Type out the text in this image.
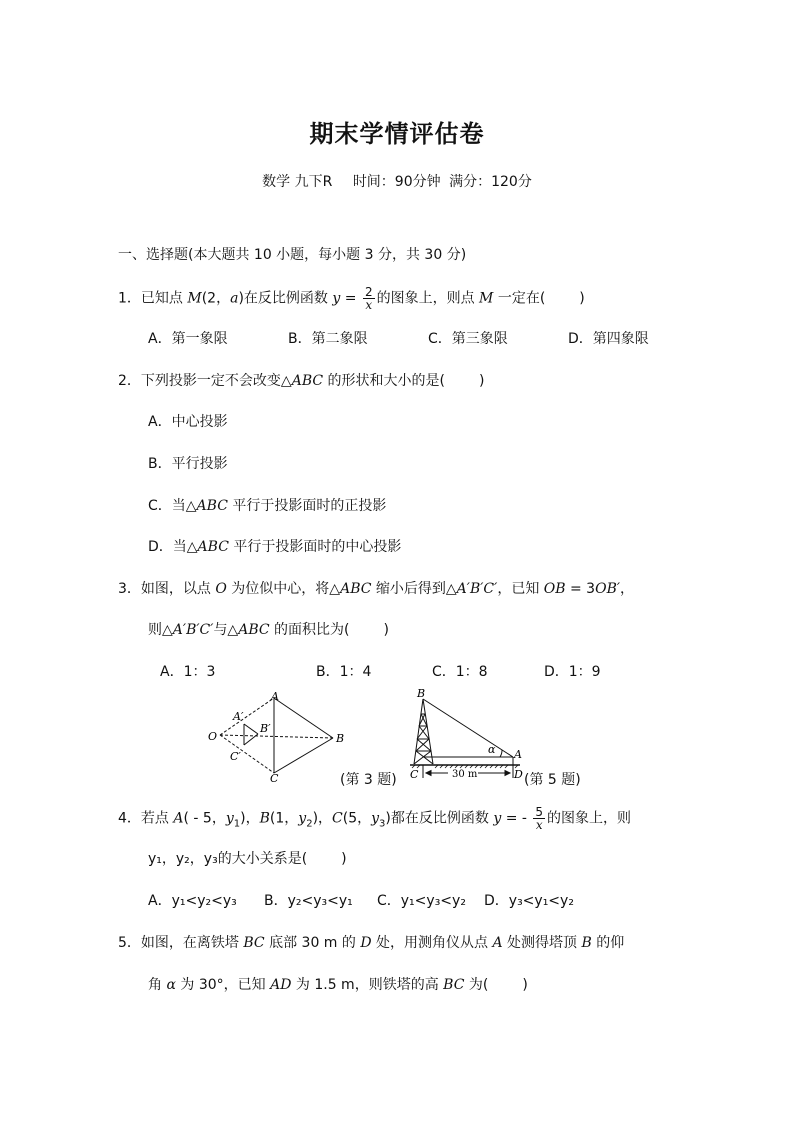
期末学情评估卷
数学 九下R 时间：90分钟 满分：120分
一、选择题(本大题共 10 小题，每小题 3 分，共 30 分)
1．已知点 M(2，a)在反比例函数 $y = \frac{2}{x}$ 的图象上，则点 M 一定在( )
A．第一象限	B．第二象限	C．第三象限	D．第四象限
2．下列投影一定不会改变△ABC 的形状和大小的是( )
A．中心投影
B．平行投影
C．当△ABC 平行于投影面时的正投影
D．当△ABC 平行于投影面时的中心投影
3．如图，以点 O 为位似中心，将△ABC 缩小后得到△A′B′C′，已知 OB = 3OB′，
则△A′B′C′与△ABC 的面积比为( )
A．1：3	B．1：4	C．1：8	D．1：9
O
A′
B′
C′
A
B
C	(第 3 题)
B
C
A
D
α
30 m	(第 5 题)
4．若点 A( - 5，$y_1$)，B(1，$y_2$)，C(5，$y_3$)都在反比例函数 y = - $\frac{5}{x}$ 的图象上，则
y₁，y₂，y₃的大小关系是( )
A．y₁<y₂<y₃ B．y₂<y₃<y₁ C．y₁<y₃<y₂ D．y₃<y₁<y₂
5．如图，在离铁塔 BC 底部 30 m 的 D 处，用测角仪从点 A 处测得塔顶 B 的仰
角 α 为 30°，已知 AD 为 1.5 m，则铁塔的高 BC 为( )
